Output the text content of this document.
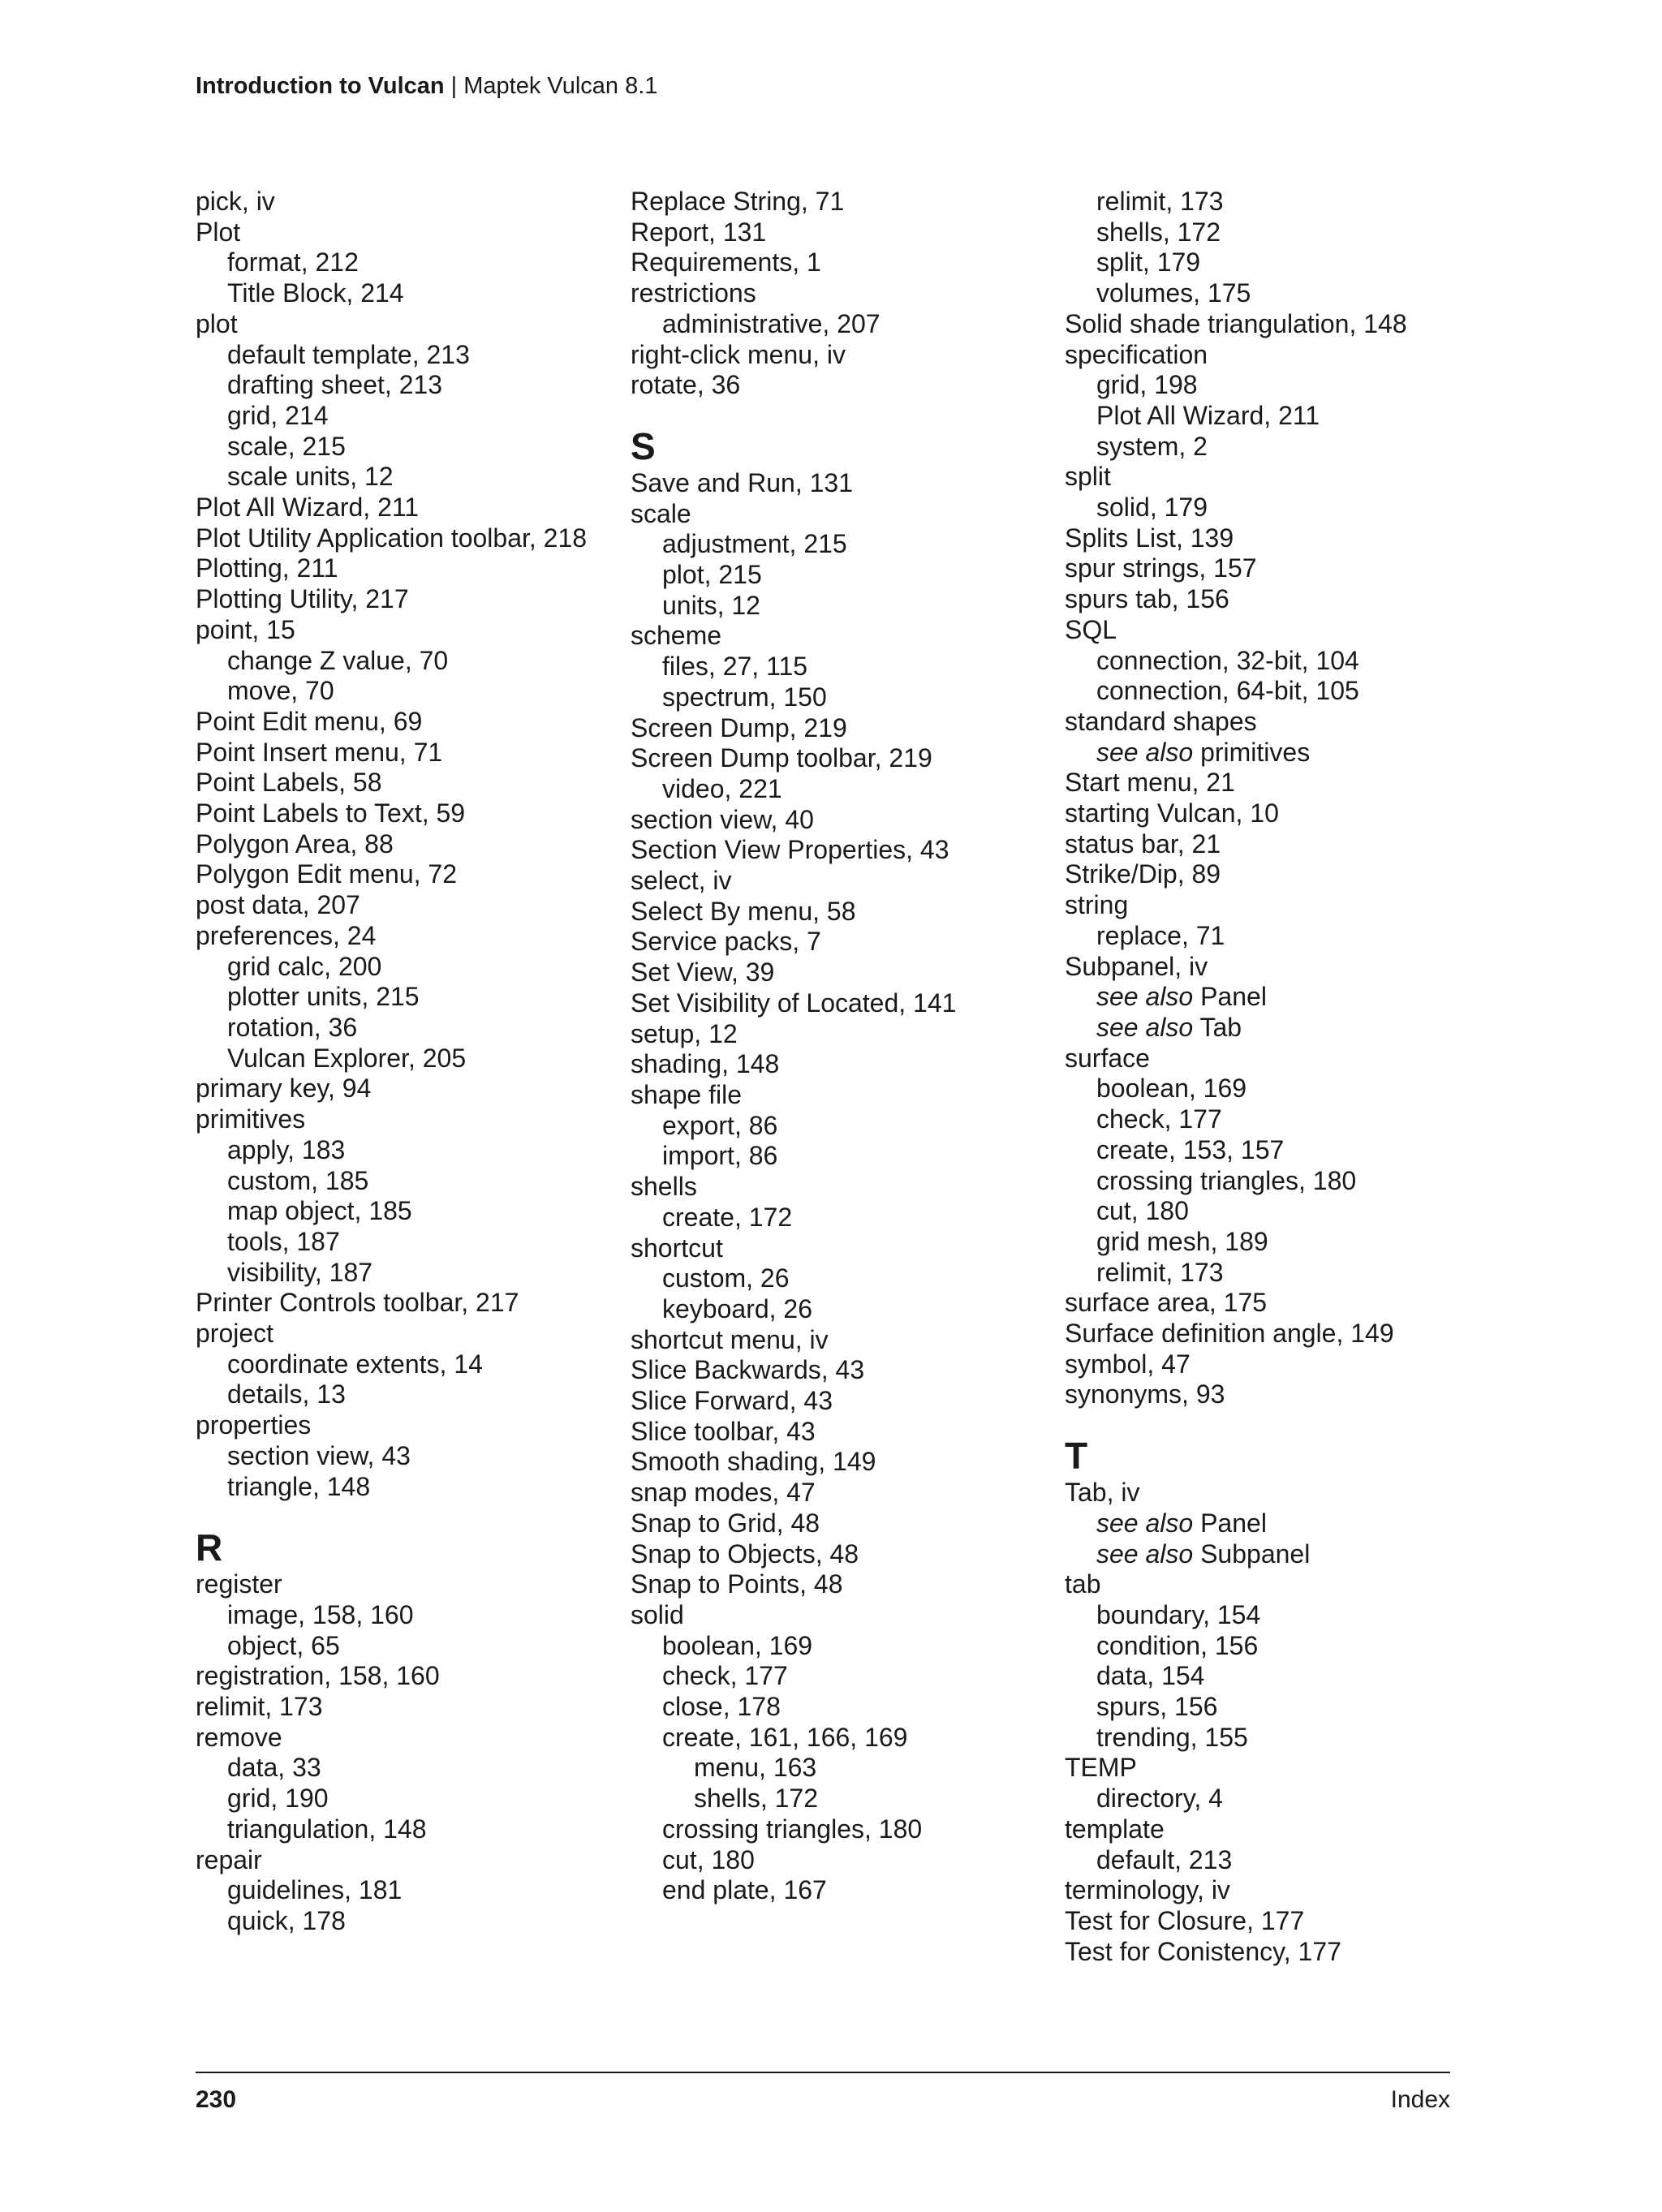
Introduction to Vulcan | Maptek Vulcan 8.1
pick, iv
Plot
format, 212
Title Block, 214
plot
default template, 213
drafting sheet, 213
grid, 214
scale, 215
scale units, 12
Plot All Wizard, 211
Plot Utility Application toolbar, 218
Plotting, 211
Plotting Utility, 217
point, 15
change Z value, 70
move, 70
Point Edit menu, 69
Point Insert menu, 71
Point Labels, 58
Point Labels to Text, 59
Polygon Area, 88
Polygon Edit menu, 72
post data, 207
preferences, 24
grid calc, 200
plotter units, 215
rotation, 36
Vulcan Explorer, 205
primary key, 94
primitives
apply, 183
custom, 185
map object, 185
tools, 187
visibility, 187
Printer Controls toolbar, 217
project
coordinate extents, 14
details, 13
properties
section view, 43
triangle, 148
R
register
image, 158, 160
object, 65
registration, 158, 160
relimit, 173
remove
data, 33
grid, 190
triangulation, 148
repair
guidelines, 181
quick, 178
Replace String, 71
Report, 131
Requirements, 1
restrictions
administrative, 207
right-click menu, iv
rotate, 36
S
Save and Run, 131
scale
adjustment, 215
plot, 215
units, 12
scheme
files, 27, 115
spectrum, 150
Screen Dump, 219
Screen Dump toolbar, 219
video, 221
section view, 40
Section View Properties, 43
select, iv
Select By menu, 58
Service packs, 7
Set View, 39
Set Visibility of Located, 141
setup, 12
shading, 148
shape file
export, 86
import, 86
shells
create, 172
shortcut
custom, 26
keyboard, 26
shortcut menu, iv
Slice Backwards, 43
Slice Forward, 43
Slice toolbar, 43
Smooth shading, 149
snap modes, 47
Snap to Grid, 48
Snap to Objects, 48
Snap to Points, 48
solid
boolean, 169
check, 177
close, 178
create, 161, 166, 169
menu, 163
shells, 172
crossing triangles, 180
cut, 180
end plate, 167
relimit, 173
shells, 172
split, 179
volumes, 175
Solid shade triangulation, 148
specification
grid, 198
Plot All Wizard, 211
system, 2
split
solid, 179
Splits List, 139
spur strings, 157
spurs tab, 156
SQL
connection, 32-bit, 104
connection, 64-bit, 105
standard shapes
see also primitives
Start menu, 21
starting Vulcan, 10
status bar, 21
Strike/Dip, 89
string
replace, 71
Subpanel, iv
see also Panel
see also Tab
surface
boolean, 169
check, 177
create, 153, 157
crossing triangles, 180
cut, 180
grid mesh, 189
relimit, 173
surface area, 175
Surface definition angle, 149
symbol, 47
synonyms, 93
T
Tab, iv
see also Panel
see also Subpanel
tab
boundary, 154
condition, 156
data, 154
spurs, 156
trending, 155
TEMP
directory, 4
template
default, 213
terminology, iv
Test for Closure, 177
Test for Conistency, 177
230	Index
